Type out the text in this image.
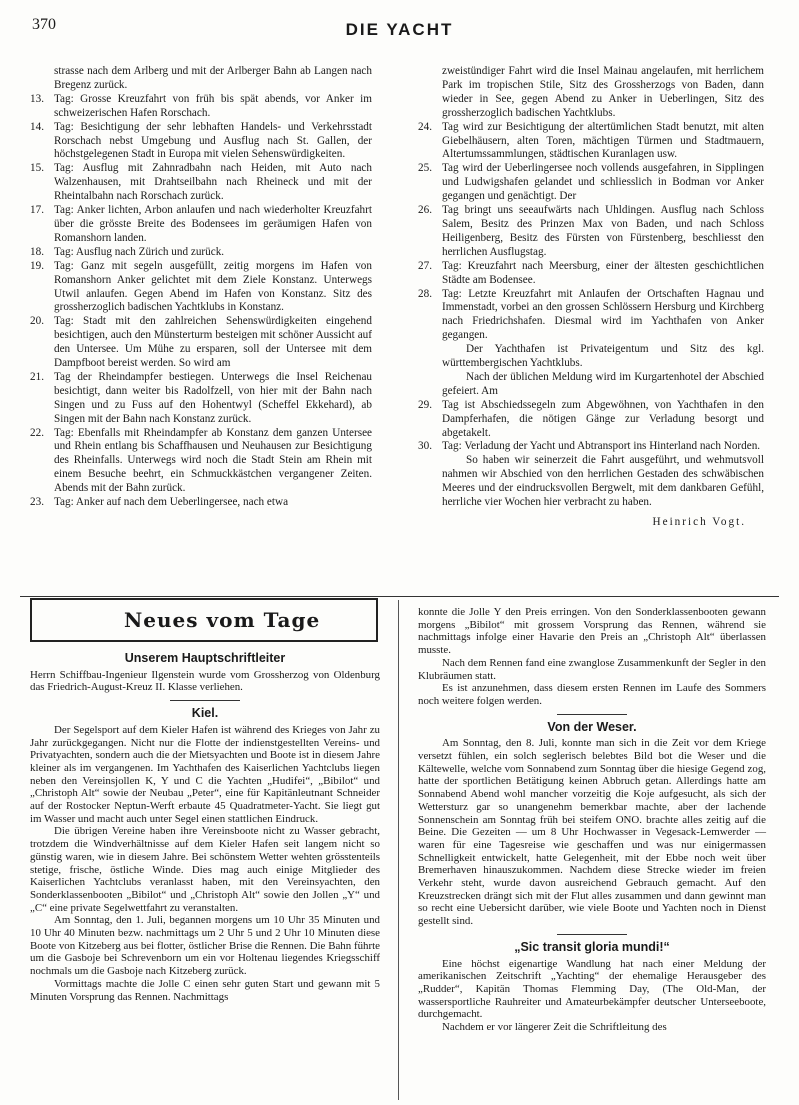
370	DIE YACHT

strasse nach dem Arlberg und mit der Arlberger Bahn ab Langen nach Bregenz zurück.

13. Tag: Grosse Kreuzfahrt von früh bis spät abends, vor Anker im schweizerischen Hafen Rorschach.
14. Tag: Besichtigung der sehr lebhaften Handels- und Verkehrsstadt Rorschach nebst Umgebung und Ausflug nach St. Gallen, der höchstgelegenen Stadt in Europa mit vielen Sehenswürdigkeiten.
15. Tag: Ausflug mit Zahnradbahn nach Heiden, mit Auto nach Walzenhausen, mit Drahtseilbahn nach Rheineck und mit der Rheintalbahn nach Rorschach zurück.
17. Tag: Anker lichten, Arbon anlaufen und nach wiederholter Kreuzfahrt über die grösste Breite des Bodensees im geräumigen Hafen von Romanshorn landen.
18. Tag: Ausflug nach Zürich und zurück.
19. Tag: Ganz mit segeln ausgefüllt, zeitig morgens im Hafen von Romanshorn Anker gelichtet mit dem Ziele Konstanz. Unterwegs Utwil anlaufen. Gegen Abend im Hafen von Konstanz. Sitz des grossherzoglich badischen Yachtklubs in Konstanz.
20. Tag: Stadt mit den zahlreichen Sehenswürdigkeiten eingehend besichtigen, auch den Münsterturm besteigen mit schöner Aussicht auf den Untersee. Um Mühe zu ersparen, soll der Untersee mit dem Dampfboot bereist werden. So wird am
21. Tag der Rheindampfer bestiegen. Unterwegs die Insel Reichenau besichtigt, dann weiter bis Radolfzell, von hier mit der Bahn nach Singen und zu Fuss auf den Hohentwyl (Scheffel Ekkehard), ab Singen mit der Bahn nach Konstanz zurück.
22. Tag: Ebenfalls mit Rheindampfer ab Konstanz dem ganzen Untersee und Rhein entlang bis Schaffhausen und Neuhausen zur Besichtigung des Rheinfalls. Unterwegs wird noch die Stadt Stein am Rhein mit einem Besuche beehrt, ein Schmuckkästchen vergangener Zeiten. Abends mit der Bahn zurück.
23. Tag: Anker auf nach dem Ueberlingersee, nach etwa

zweistündiger Fahrt wird die Insel Mainau angelaufen, mit herrlichem Park im tropischen Stile, Sitz des Grossherzogs von Baden, dann wieder in See, gegen Abend zu Anker in Ueberlingen, Sitz des grossherzoglich badischen Yachtklubs.

24. Tag wird zur Besichtigung der altertümlichen Stadt benutzt, mit alten Giebelhäusern, alten Toren, mächtigen Türmen und Stadtmauern, Altertumssammlungen, städtischen Kuranlagen usw.
25. Tag wird der Ueberlingersee noch vollends ausgefahren, in Sipplingen und Ludwigshafen gelandet und schliesslich in Bodman vor Anker gegangen und genächtigt. Der
26. Tag bringt uns seeaufwärts nach Uhldingen. Ausflug nach Schloss Salem, Besitz des Prinzen Max von Baden, und nach Schloss Heiligenberg, Besitz des Fürsten von Fürstenberg, beschliesst den herrlichen Ausflugstag.
27. Tag: Kreuzfahrt nach Meersburg, einer der ältesten geschichtlichen Städte am Bodensee.
28. Tag: Letzte Kreuzfahrt mit Anlaufen der Ortschaften Hagnau und Immenstadt, vorbei an den grossen Schlössern Hersburg und Kirchberg nach Friedrichshafen. Diesmal wird im Yachthafen von Anker gegangen.

Der Yachthafen ist Privateigentum und Sitz des kgl. württembergischen Yachtklubs.

Nach der üblichen Meldung wird im Kurgartenhotel der Abschied gefeiert. Am

29. Tag ist Abschiedssegeln zum Abgewöhnen, von Yachthafen in den Dampferhafen, die nötigen Gänge zur Verladung besorgt und abgetakelt.
30. Tag: Verladung der Yacht und Abtransport ins Hinterland nach Norden.

So haben wir seinerzeit die Fahrt ausgeführt, und wehmutsvoll nahmen wir Abschied von den herrlichen Gestaden des schwäbischen Meeres und der eindrucksvollen Bergwelt, mit dem dankbaren Gefühl, herrliche vier Wochen hier verbracht zu haben.

Heinrich Vogt.
Neues vom Tage
Unserem Hauptschriftleiter

Herrn Schiffbau-Ingenieur Ilgenstein wurde vom Grossherzog von Oldenburg das Friedrich-August-Kreuz II. Klasse verliehen.

Kiel.

Der Segelsport auf dem Kieler Hafen ist während des Krieges von Jahr zu Jahr zurückgegangen. Nicht nur die Flotte der indienstgestellten Vereins- und Privatyachten, sondern auch die der Mietsyachten und Boote ist in diesem Jahre kleiner als im vergangenen. Im Yachthafen des Kaiserlichen Yachtclubs liegen neben den Vereinsjollen K, Y und C die Yachten „Hudifei“, „Bibilot“ und „Christoph Alt“ sowie der Neubau „Peter“, eine für Kapitänleutnant Schneider auf der Rostocker Neptun-Werft erbaute 45 Quadratmeter-Yacht. Sie liegt gut im Wasser und macht auch unter Segel einen stattlichen Eindruck.

Die übrigen Vereine haben ihre Vereinsboote nicht zu Wasser gebracht, trotzdem die Windverhältnisse auf dem Kieler Hafen seit langem nicht so günstig waren, wie in diesem Jahre. Bei schönstem Wetter wehten grösstenteils stetige, frische, östliche Winde. Dies mag auch einige Mitglieder des Kaiserlichen Yachtclubs veranlasst haben, mit den Vereinsyachten, den Sonderklassenbooten „Bibilot“ und „Christoph Alt“ sowie den Jollen „Y“ und „C“ eine private Segelwettfahrt zu veranstalten.

Am Sonntag, den 1. Juli, begannen morgens um 10 Uhr 35 Minuten und 10 Uhr 40 Minuten bezw. nachmittags um 2 Uhr 5 und 2 Uhr 10 Minuten diese Boote von Kitzeberg aus bei flotter, östlicher Brise die Rennen. Die Bahn führte um die Gasboje bei Schrevenborn um ein vor Holtenau liegendes Kriegsschiff nochmals um die Gasboje nach Kitzeberg zurück.

Vormittags machte die Jolle C einen sehr guten Start und gewann mit 5 Minuten Vorsprung das Rennen. Nachmittags

konnte die Jolle Y den Preis erringen. Von den Sonderklassenbooten gewann morgens „Bibilot“ mit grossem Vorsprung das Rennen, während sie nachmittags infolge einer Havarie den Preis an „Christoph Alt“ überlassen musste.

Nach dem Rennen fand eine zwanglose Zusammenkunft der Segler in den Klubräumen statt.

Es ist anzunehmen, dass diesem ersten Rennen im Laufe des Sommers noch weitere folgen werden.

Von der Weser.

Am Sonntag, den 8. Juli, konnte man sich in die Zeit vor dem Kriege versetzt fühlen, ein solch seglerisch belebtes Bild bot die Weser und die Kältewelle, welche vom Sonnabend zum Sonntag über die hiesige Gegend zog, hatte der sportlichen Betätigung keinen Abbruch getan. Allerdings hatte am Sonnabend Abend wohl mancher vorzeitig die Koje aufgesucht, als sich der Wettersturz gar so unangenehm bemerkbar machte, aber der lachende Sonnenschein am Sonntag früh bei steifem ONO. brachte alles zeitig auf die Beine. Die Gezeiten — um 8 Uhr Hochwasser in Vegesack-Lemwerder — waren für eine Tagesreise wie geschaffen und was nur einigermassen Schnelligkeit entwickelt, hatte Gelegenheit, mit der Ebbe noch weit über Bremerhaven hinauszukommen. Nachdem diese Strecke wieder im freien Verkehr steht, wurde davon ausreichend Gebrauch gemacht. Auf den Kreuzstrecken drängt sich mit der Flut alles zusammen und dann gewinnt man so recht eine Uebersicht darüber, wie viele Boote und Yachten noch in Dienst gestellt sind.

„Sic transit gloria mundi!“

Eine höchst eigenartige Wandlung hat nach einer Meldung der amerikanischen Zeitschrift „Yachting“ der ehemalige Herausgeber des „Rudder“, Kapitän Thomas Flemming Day, (The Old-Man, der wassersportliche Rauhreiter und Amateurbekämpfer deutscher Unterseeboote, durchgemacht.

Nachdem er vor längerer Zeit die Schriftleitung des
